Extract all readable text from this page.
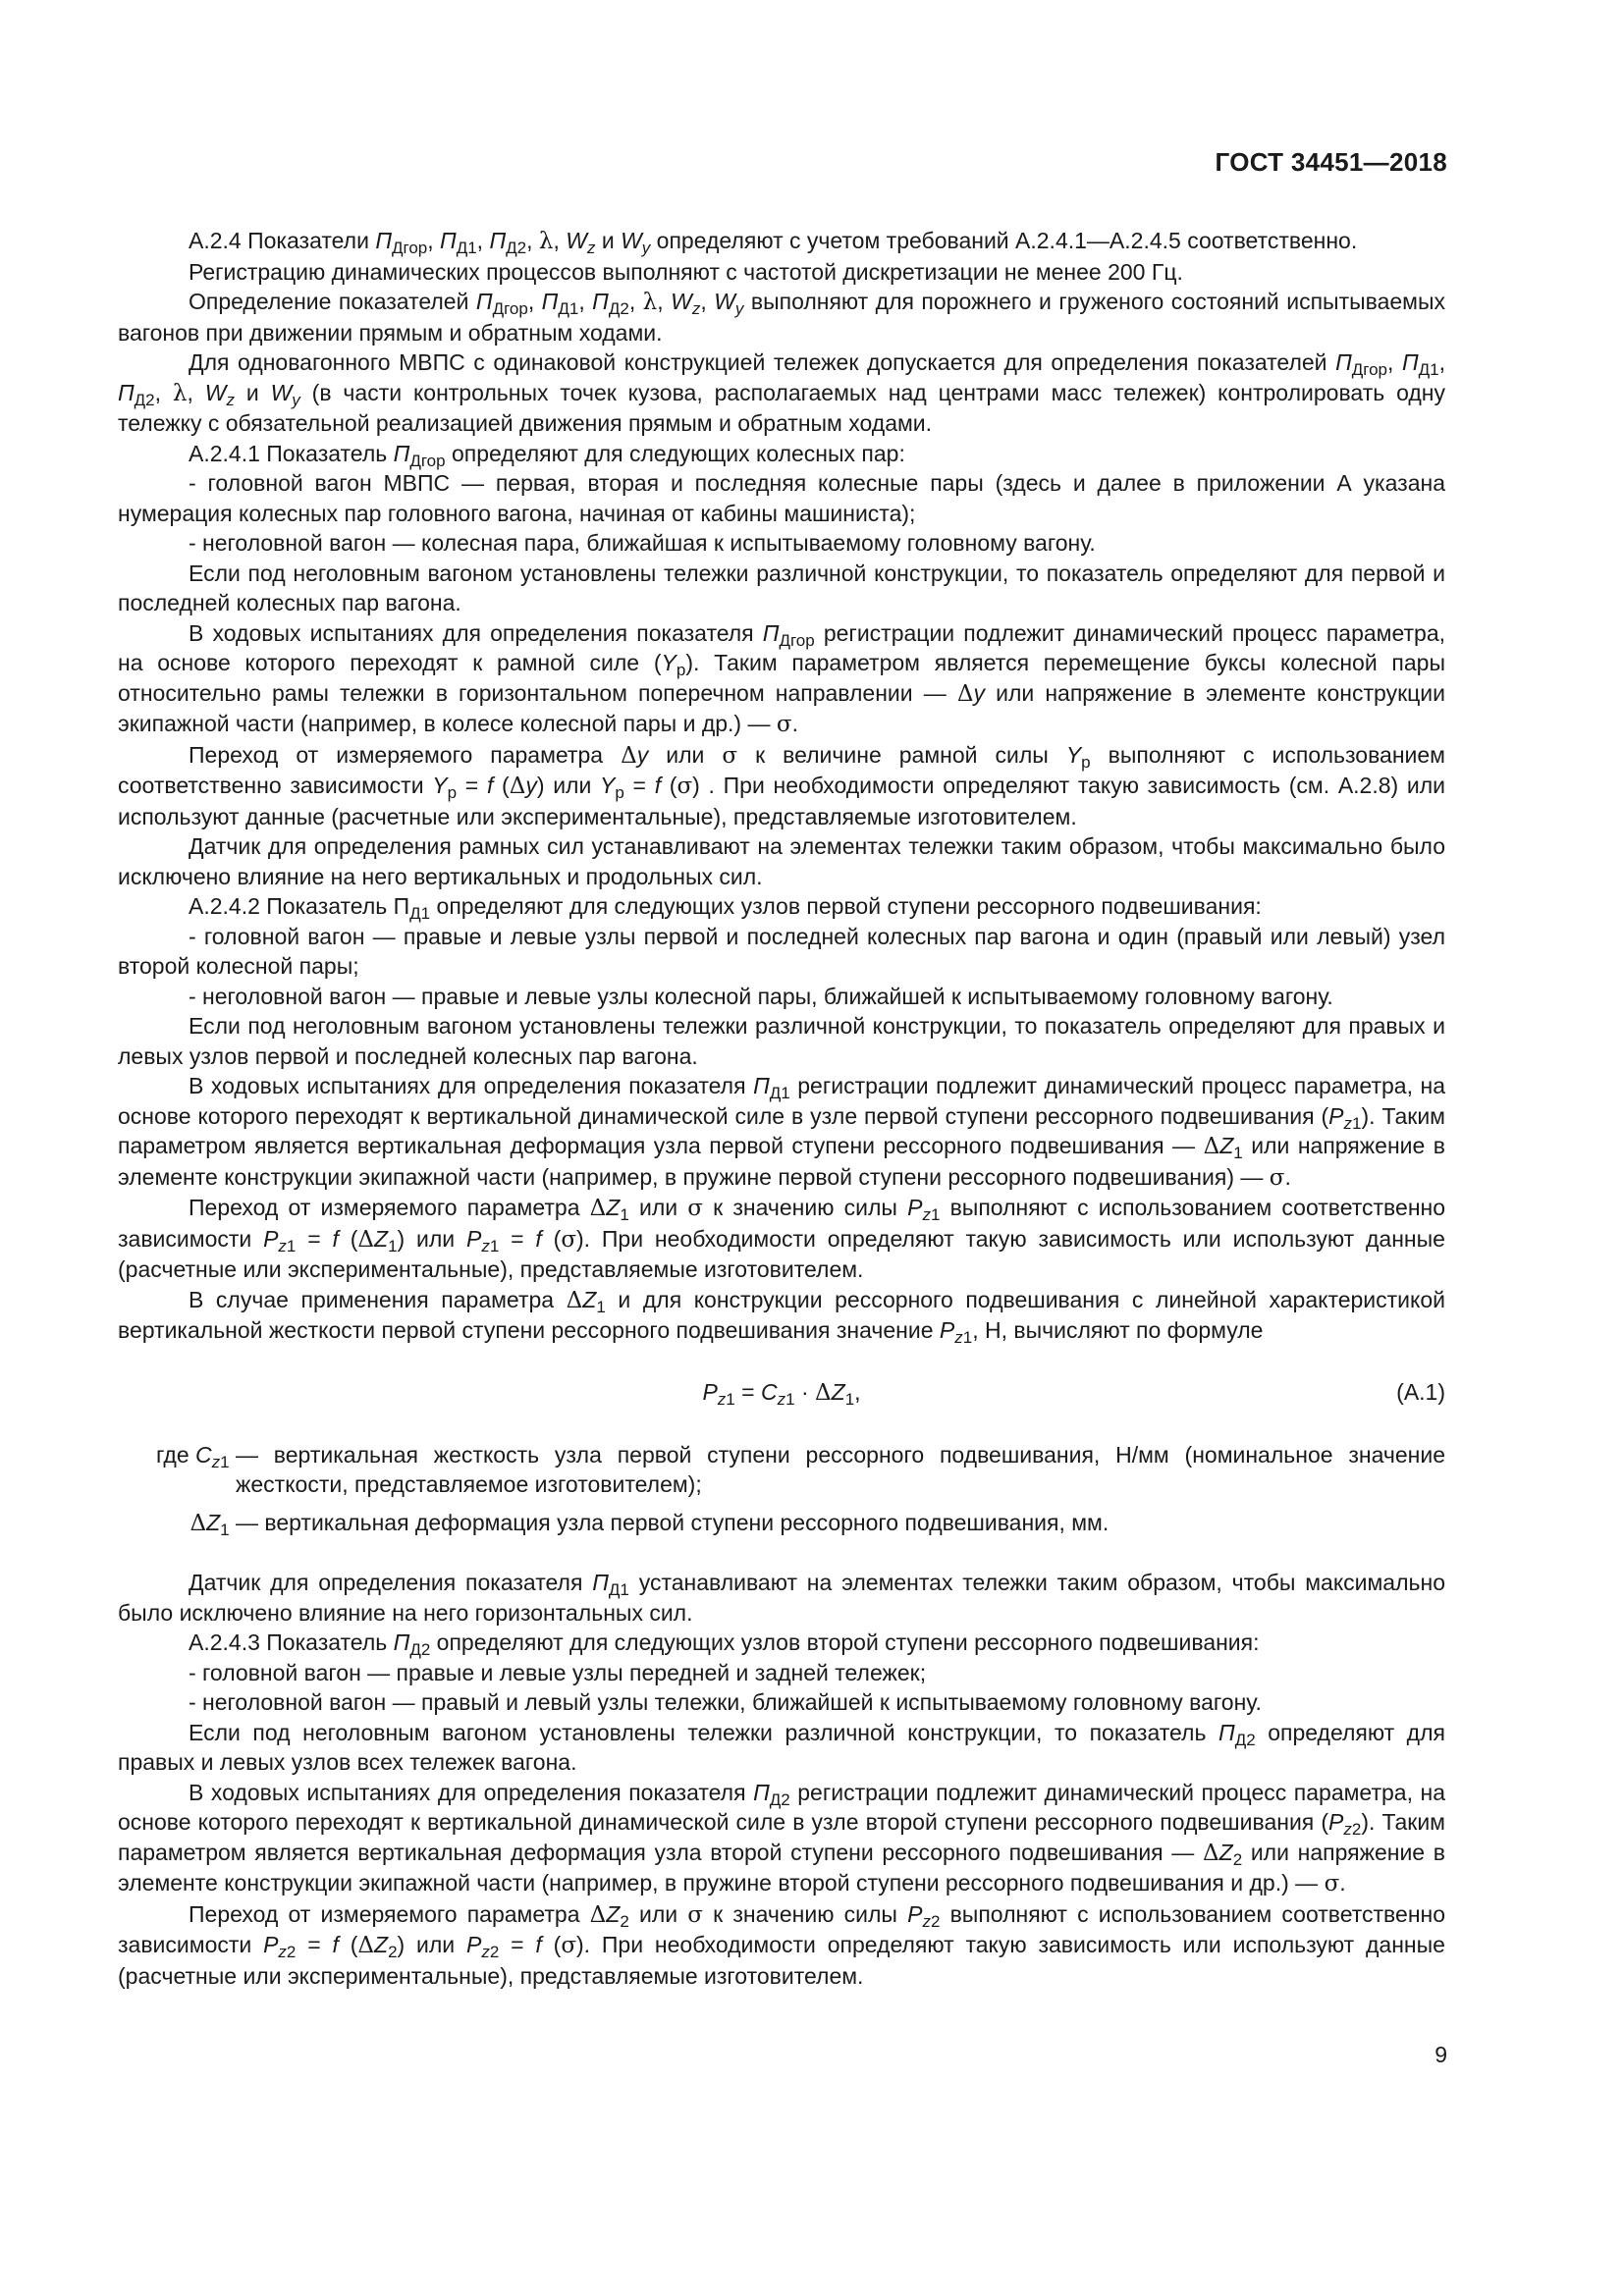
ГОСТ 34451—2018

А.2.4 Показатели $П_{Дгор}$, $П_{Д1}$, $П_{Д2}$, λ, $W_z$ и $W_y$ определяют с учетом требований А.2.4.1—А.2.4.5 соответственно.

Регистрацию динамических процессов выполняют с частотой дискретизации не менее 200 Гц.

Определение показателей $П_{Дгор}$, $П_{Д1}$, $П_{Д2}$, λ, $W_z$, $W_y$ выполняют для порожнего и груженого состояний испытываемых вагонов при движении прямым и обратным ходами.

Для одновагонного МВПС с одинаковой конструкцией тележек допускается для определения показателей $П_{Дгор}$, $П_{Д1}$, $П_{Д2}$, λ, $W_z$ и $W_y$ (в части контрольных точек кузова, располагаемых над центрами масс тележек) контролировать одну тележку с обязательной реализацией движения прямым и обратным ходами.

А.2.4.1 Показатель $П_{Дгор}$ определяют для следующих колесных пар:

- головной вагон МВПС — первая, вторая и последняя колесные пары (здесь и далее в приложении А указана нумерация колесных пар головного вагона, начиная от кабины машиниста);

- неголовной вагон — колесная пара, ближайшая к испытываемому головному вагону.

Если под неголовным вагоном установлены тележки различной конструкции, то показатель определяют для первой и последней колесных пар вагона.

В ходовых испытаниях для определения показателя $П_{Дгор}$ регистрации подлежит динамический процесс параметра, на основе которого переходят к рамной силе $(Y_р)$. Таким параметром является перемещение буксы колесной пары относительно рамы тележки в горизонтальном поперечном направлении — Δy или напряжение в элементе конструкции экипажной части (например, в колесе колесной пары и др.) — σ.

Переход от измеряемого параметра Δy или σ к величине рамной силы $Y_р$ выполняют с использованием соответственно зависимости $Y_р = f$ (Δy) или $Y_р = f$ (σ) . При необходимости определяют такую зависимость (см. А.2.8) или используют данные (расчетные или экспериментальные), представляемые изготовителем.

Датчик для определения рамных сил устанавливают на элементах тележки таким образом, чтобы максимально было исключено влияние на него вертикальных и продольных сил.

А.2.4.2 Показатель $П_{Д1}$ определяют для следующих узлов первой ступени рессорного подвешивания:

- головной вагон — правые и левые узлы первой и последней колесных пар вагона и один (правый или левый) узел второй колесной пары;

- неголовной вагон — правые и левые узлы колесной пары, ближайшей к испытываемому головному вагону.

Если под неголовным вагоном установлены тележки различной конструкции, то показатель определяют для правых и левых узлов первой и последней колесных пар вагона.

В ходовых испытаниях для определения показателя $П_{Д1}$ регистрации подлежит динамический процесс параметра, на основе которого переходят к вертикальной динамической силе в узле первой ступени рессорного подвешивания $(P_{z1})$. Таким параметром является вертикальная деформация узла первой ступени рессорного подвешивания — $\Delta Z_1$ или напряжение в элементе конструкции экипажной части (например, в пружине первой ступени рессорного подвешивания) — σ.

Переход от измеряемого параметра $\Delta Z_1$ или σ к значению силы $P_{z1}$ выполняют с использованием соответственно зависимости $P_{z1} = f$ $(\Delta Z_1)$ или $P_{z1} = f$ (σ). При необходимости определяют такую зависимость или используют данные (расчетные или экспериментальные), представляемые изготовителем.

В случае применения параметра $\Delta Z_1$ и для конструкции рессорного подвешивания с линейной характеристикой вертикальной жесткости первой ступени рессорного подвешивания значение $P_{z1}$, Н, вычисляют по формуле

$P_{z1} = C_{z1} \cdot \Delta Z_1$,	(А.1)
где $C_{z1}$ — вертикальная жесткость узла первой ступени рессорного подвешивания, Н/мм (номинальное значение жесткости, представляемое изготовителем);
$\Delta Z_1$ — вертикальная деформация узла первой ступени рессорного подвешивания, мм.

Датчик для определения показателя $П_{Д1}$ устанавливают на элементах тележки таким образом, чтобы максимально было исключено влияние на него горизонтальных сил.

А.2.4.3 Показатель $П_{Д2}$ определяют для следующих узлов второй ступени рессорного подвешивания:

- головной вагон — правые и левые узлы передней и задней тележек;

- неголовной вагон — правый и левый узлы тележки, ближайшей к испытываемому головному вагону.

Если под неголовным вагоном установлены тележки различной конструкции, то показатель $П_{Д2}$ определяют для правых и левых узлов всех тележек вагона.

В ходовых испытаниях для определения показателя $П_{Д2}$ регистрации подлежит динамический процесс параметра, на основе которого переходят к вертикальной динамической силе в узле второй ступени рессорного подвешивания $(P_{z2})$. Таким параметром является вертикальная деформация узла второй ступени рессорного подвешивания — $\Delta Z_2$ или напряжение в элементе конструкции экипажной части (например, в пружине второй ступени рессорного подвешивания и др.) — σ.

Переход от измеряемого параметра $\Delta Z_2$ или σ к значению силы $P_{z2}$ выполняют с использованием соответственно зависимости $P_{z2} = f$ $(\Delta Z_2)$ или $P_{z2} = f$ (σ). При необходимости определяют такую зависимость или используют данные (расчетные или экспериментальные), представляемые изготовителем.

9
